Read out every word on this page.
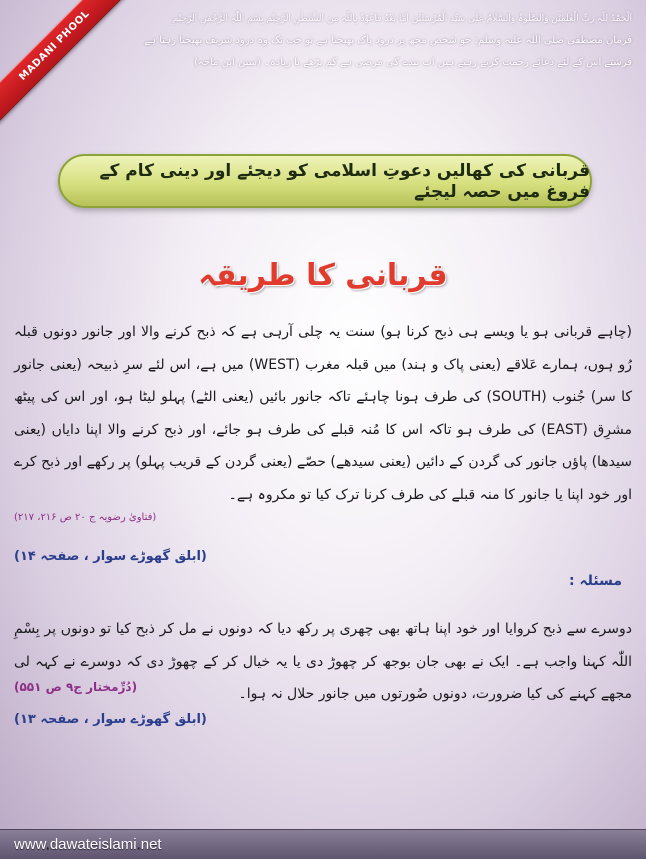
MADANI PHOOL	اَلْحَمْدُ لِلّٰہِ رَبِّ الْعٰلَمِیْنَ وَالصَّلٰوۃُ وَالسَّلَامُ عَلٰی سَیِّدِ الْمُرْسَلِیْنَ اَمَّا بَعْدُ فَاَعُوْذُ بِاللّٰہِ مِنَ الشَّیْطٰنِ الرَّجِیْمِ بِسْمِ اللّٰہِ الرَّحْمٰنِ الرَّحِیْمِ
فرمانِ مصطفٰی صلی اللہ علیہ وسلم: جو شخص مجھ پر درود پاک بھیجتا ہے تو جب تک وہ درود شریف بھیجتا رہتا ہے
فرشتے اس کے لئے دعائے رحمت کرتے رہتے ہیں اب بندے کی مرضی ہے کم پڑھے یا زیادہ۔ (سنن ابن ماجہ)
قربانی کی کھالیں دعوتِ اسلامی کو دیجئے اور دینی کام کے فروغ میں حصہ لیجئے
قربانی کا طریقہ

(چاہے قربانی ہو یا ویسے ہی ذبح کرنا ہو) سنت یہ چلی آرہی ہے کہ ذبح کرنے والا اور جانور دونوں قبلہ رُو ہوں، ہمارے عَلاقے (یعنی پاک و ہند) میں قبلہ مغرب (WEST) میں ہے، اس لئے سرِ ذبیحہ (یعنی جانور کا سر) جُنوب (SOUTH) کی طرف ہونا چاہئے تاکہ جانور بائیں (یعنی الٹے) پہلو لیٹا ہو، اور اس کی پیٹھ مشرِق (EAST) کی طرف ہو تاکہ اس کا مُنہ قبلے کی طرف ہو جائے، اور ذبح کرنے والا اپنا دایاں (یعنی سیدھا) پاؤں جانور کی گردن کے دائیں (یعنی سیدھے) حصّے (یعنی گردن کے قریب پہلو) پر رکھے اور ذبح کرے اور خود اپنا یا جانور کا منہ قبلے کی طرف کرنا ترک کیا تو مکروہ ہے۔

(فتاویٰ رضویہ ج ۲۰ ص ۲۱۶، ۲۱۷)
(ابلق گھوڑے سوار ، صفحہ ۱۴)
مسئلہ :

دوسرے سے ذبح کروایا اور خود اپنا ہاتھ بھی چھری پر رکھ دیا کہ دونوں نے مل کر ذبح کیا تو دونوں پر بِسْمِ اللّٰہ کہنا واجب ہے۔ ایک نے بھی جان بوجھ کر چھوڑ دی یا یہ خیال کر کے چھوڑ دی کہ دوسرے نے کہہ لی مجھے کہنے کی کیا ضرورت، دونوں صُورتوں میں جانور حلال نہ ہوا۔

(دُرِّمختار ج۹ ص ۵۵۱)
(ابلق گھوڑے سوار ، صفحہ ۱۳)
www.dawateislami.net
